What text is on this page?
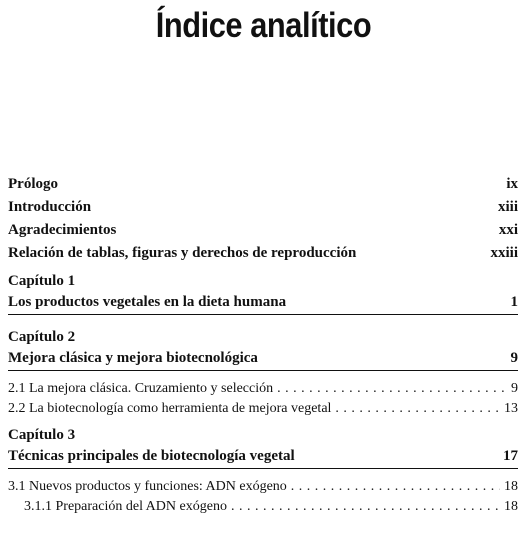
Índice analítico
Prólogo	ix
Introducción	xiii
Agradecimientos	xxi
Relación de tablas, figuras y derechos de reproducción	xxiii
Capítulo 1
Los productos vegetales en la dieta humana	1
Capítulo 2
Mejora clásica y mejora biotecnológica	9
2.1 La mejora clásica. Cruzamiento y selección . . .	9
2.2 La biotecnología como herramienta de mejora vegetal . . .	13
Capítulo 3
Técnicas principales de biotecnología vegetal	17
3.1 Nuevos productos y funciones: ADN exógeno . . .	18
3.1.1 Preparación del ADN exógeno . . .	18
